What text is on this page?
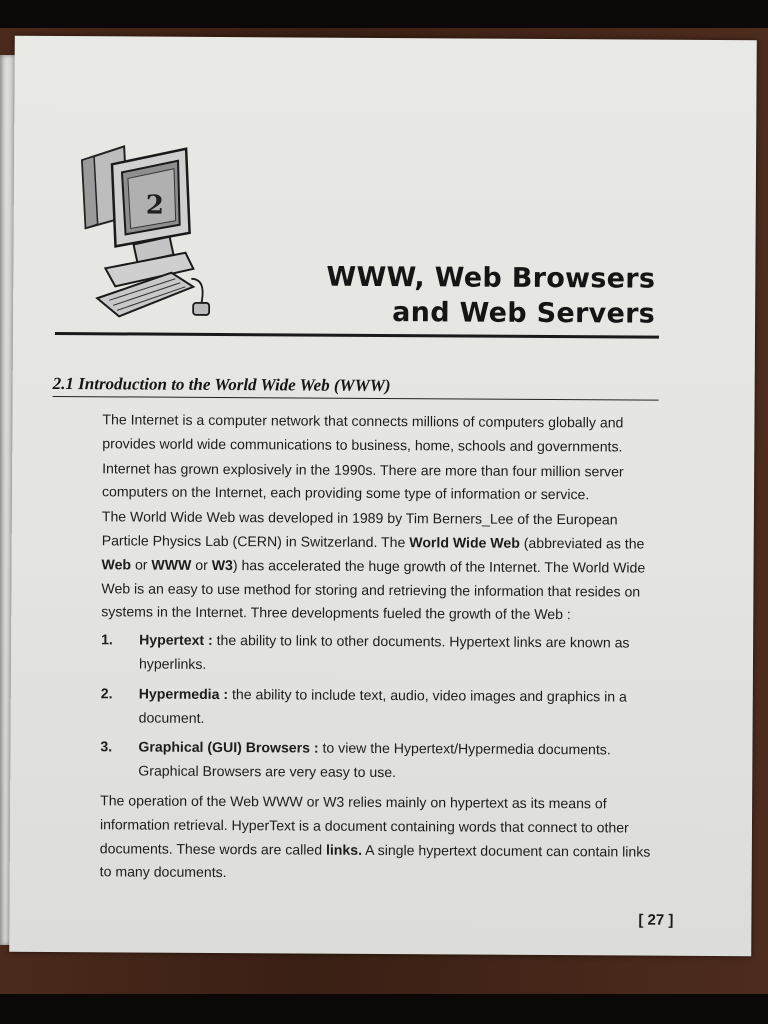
2
WWW, Web Browsers
and Web Servers
2.1 Introduction to the World Wide Web (WWW)

The Internet is a computer network that connects millions of computers globally and provides world wide communications to business, home, schools and governments.

Internet has grown explosively in the 1990s. There are more than four million server computers on the Internet, each providing some type of information or service.

The World Wide Web was developed in 1989 by Tim Berners_Lee of the European Particle Physics Lab (CERN) in Switzerland. The World Wide Web (abbreviated as the Web or WWW or W3) has accelerated the huge growth of the Internet. The World Wide Web is an easy to use method for storing and retrieving the information that resides on systems in the Internet. Three developments fueled the growth of the Web :

1.	Hypertext : the ability to link to other documents. Hypertext links are known as hyperlinks.
2.	Hypermedia : the ability to include text, audio, video images and graphics in a document.
3.	Graphical (GUI) Browsers : to view the Hypertext/Hypermedia documents. Graphical Browsers are very easy to use.

The operation of the Web WWW or W3 relies mainly on hypertext as its means of information retrieval. HyperText is a document containing words that connect to other documents. These words are called links. A single hypertext document can contain links to many documents.

[ 27 ]
